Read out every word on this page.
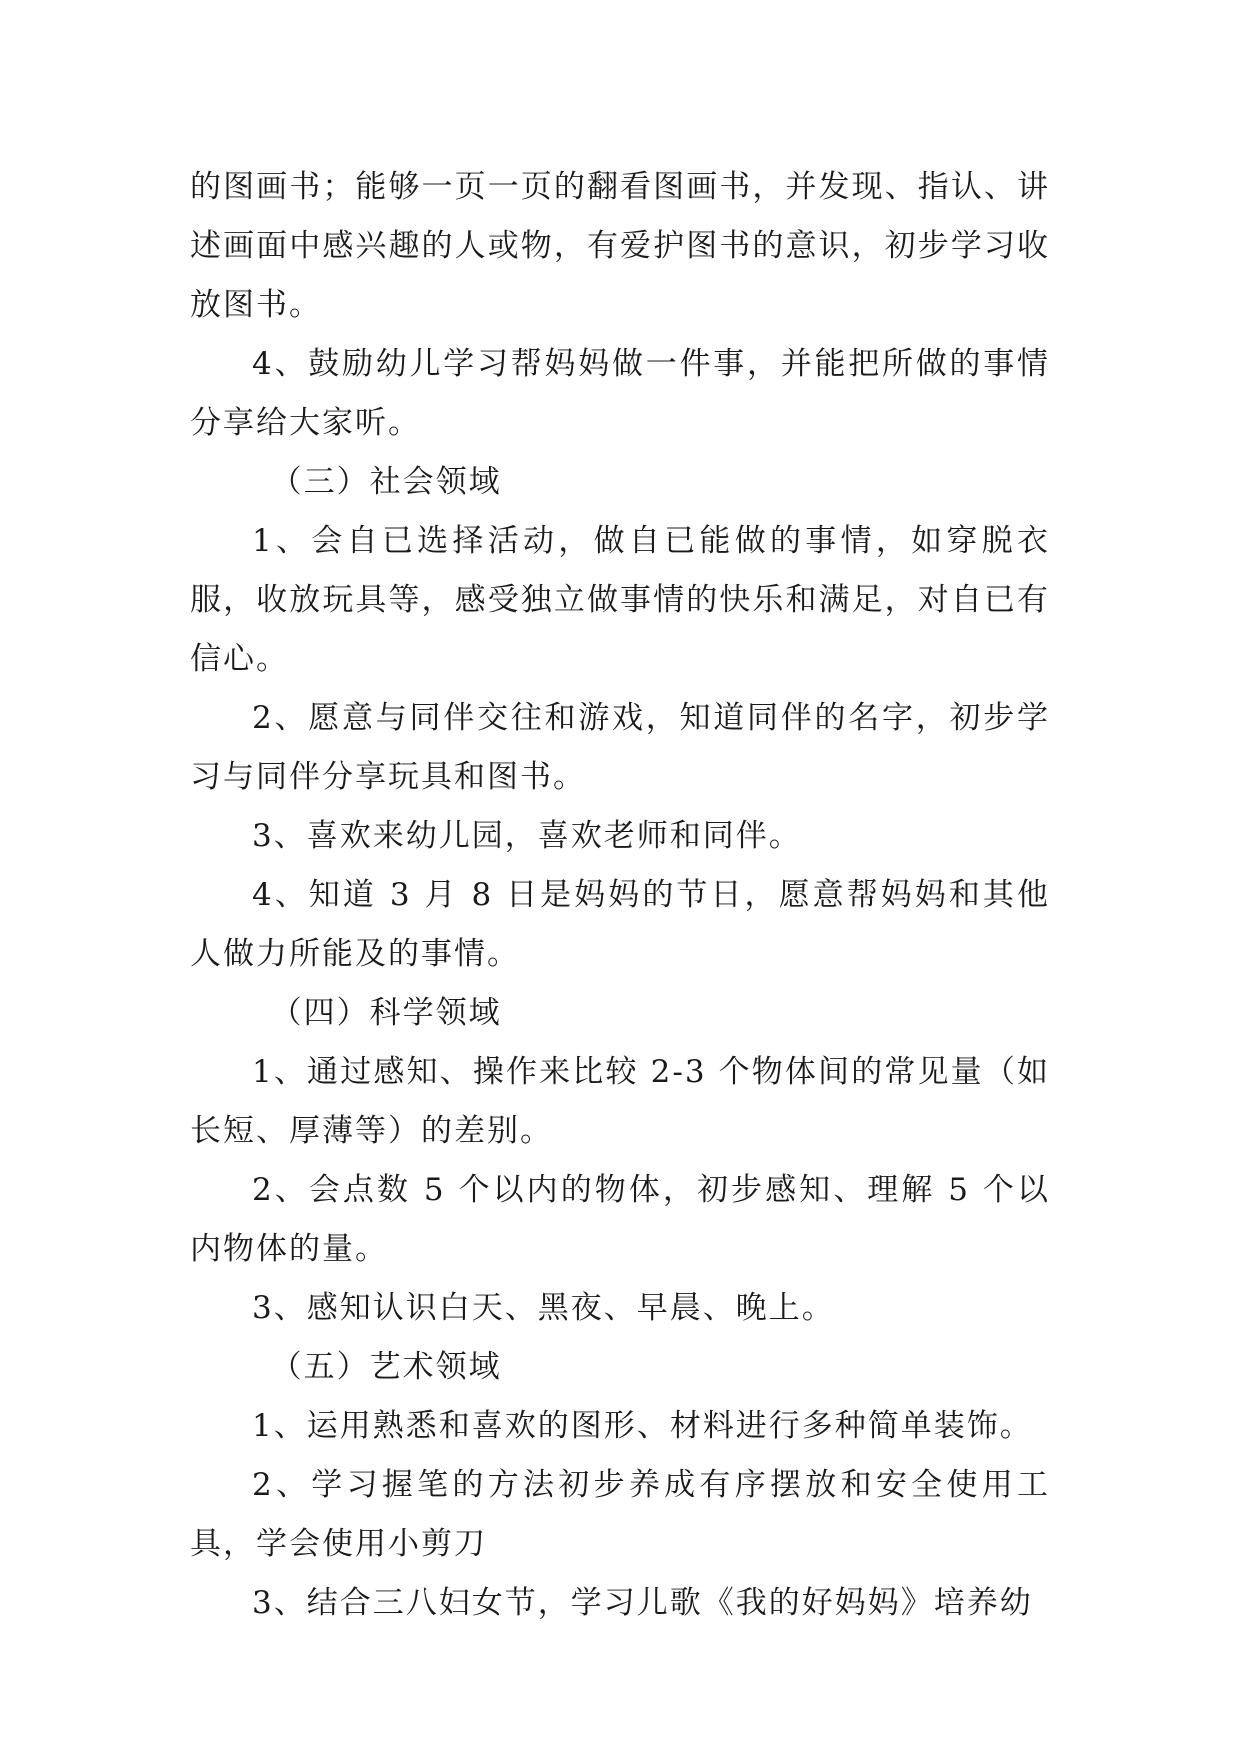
的图画书；能够一页一页的翻看图画书，并发现、指认、讲述画面中感兴趣的人或物，有爱护图书的意识，初步学习收放图书。

4、鼓励幼儿学习帮妈妈做一件事，并能把所做的事情分享给大家听。

（三）社会领域

1、会自已选择活动，做自已能做的事情，如穿脱衣服，收放玩具等，感受独立做事情的快乐和满足，对自已有信心。

2、愿意与同伴交往和游戏，知道同伴的名字，初步学习与同伴分享玩具和图书。

3、喜欢来幼儿园，喜欢老师和同伴。

4、知道 3 月 8 日是妈妈的节日，愿意帮妈妈和其他人做力所能及的事情。

（四）科学领域

1、通过感知、操作来比较 2-3 个物体间的常见量（如长短、厚薄等）的差别。

2、会点数 5 个以内的物体，初步感知、理解 5 个以内物体的量。

3、感知认识白天、黑夜、早晨、晚上。

（五）艺术领域

1、运用熟悉和喜欢的图形、材料进行多种简单装饰。

2、学习握笔的方法初步养成有序摆放和安全使用工具，学会使用小剪刀

3、结合三八妇女节，学习儿歌《我的好妈妈》培养幼
